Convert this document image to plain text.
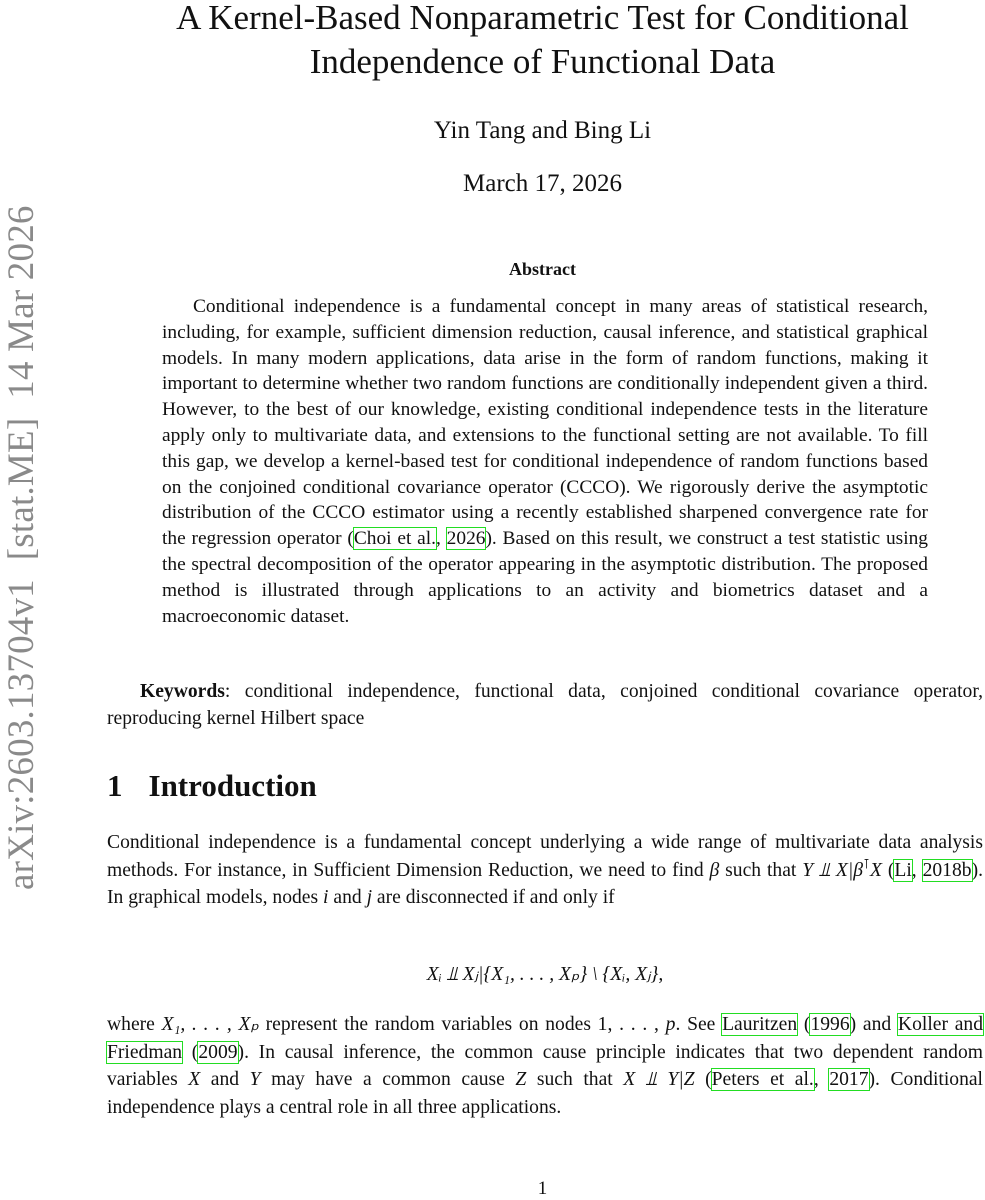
arXiv:2603.13704v1  [stat.ME]  14 Mar 2026
A Kernel-Based Nonparametric Test for Conditional
Independence of Functional Data
Yin Tang and Bing Li
March 17, 2026
Abstract

Conditional independence is a fundamental concept in many areas of statistical research, including, for example, sufficient dimension reduction, causal inference, and statistical graphical models. In many modern applications, data arise in the form of random functions, making it important to determine whether two random functions are conditionally independent given a third. However, to the best of our knowledge, existing conditional independence tests in the literature apply only to multivariate data, and extensions to the functional setting are not available. To fill this gap, we develop a kernel-based test for conditional independence of random functions based on the conjoined conditional covariance operator (CCCO). We rigorously derive the asymptotic distribution of the CCCO estimator using a recently established sharpened convergence rate for the regression operator (Choi et al., 2026). Based on this result, we construct a test statistic using the spectral decomposition of the operator appearing in the asymptotic distribution. The proposed method is illustrated through applications to an activity and biometrics dataset and a macroeconomic dataset.

Keywords: conditional independence, functional data, conjoined conditional covariance operator, reproducing kernel Hilbert space

1 Introduction

Conditional independence is a fundamental concept underlying a wide range of multivariate data analysis methods. For instance, in Sufficient Dimension Reduction, we need to find β such that Y ⫫ X|β⊺X (Li, 2018b). In graphical models, nodes i and j are disconnected if and only if

Xᵢ ⫫ Xⱼ|{X₁, . . . , Xₚ} \ {Xᵢ, Xⱼ},

where X₁, . . . , Xₚ represent the random variables on nodes 1, . . . , p. See Lauritzen (1996) and Koller and Friedman (2009). In causal inference, the common cause principle indicates that two dependent random variables X and Y may have a common cause Z such that X ⫫ Y|Z (Peters et al., 2017). Conditional independence plays a central role in all three applications.

1
